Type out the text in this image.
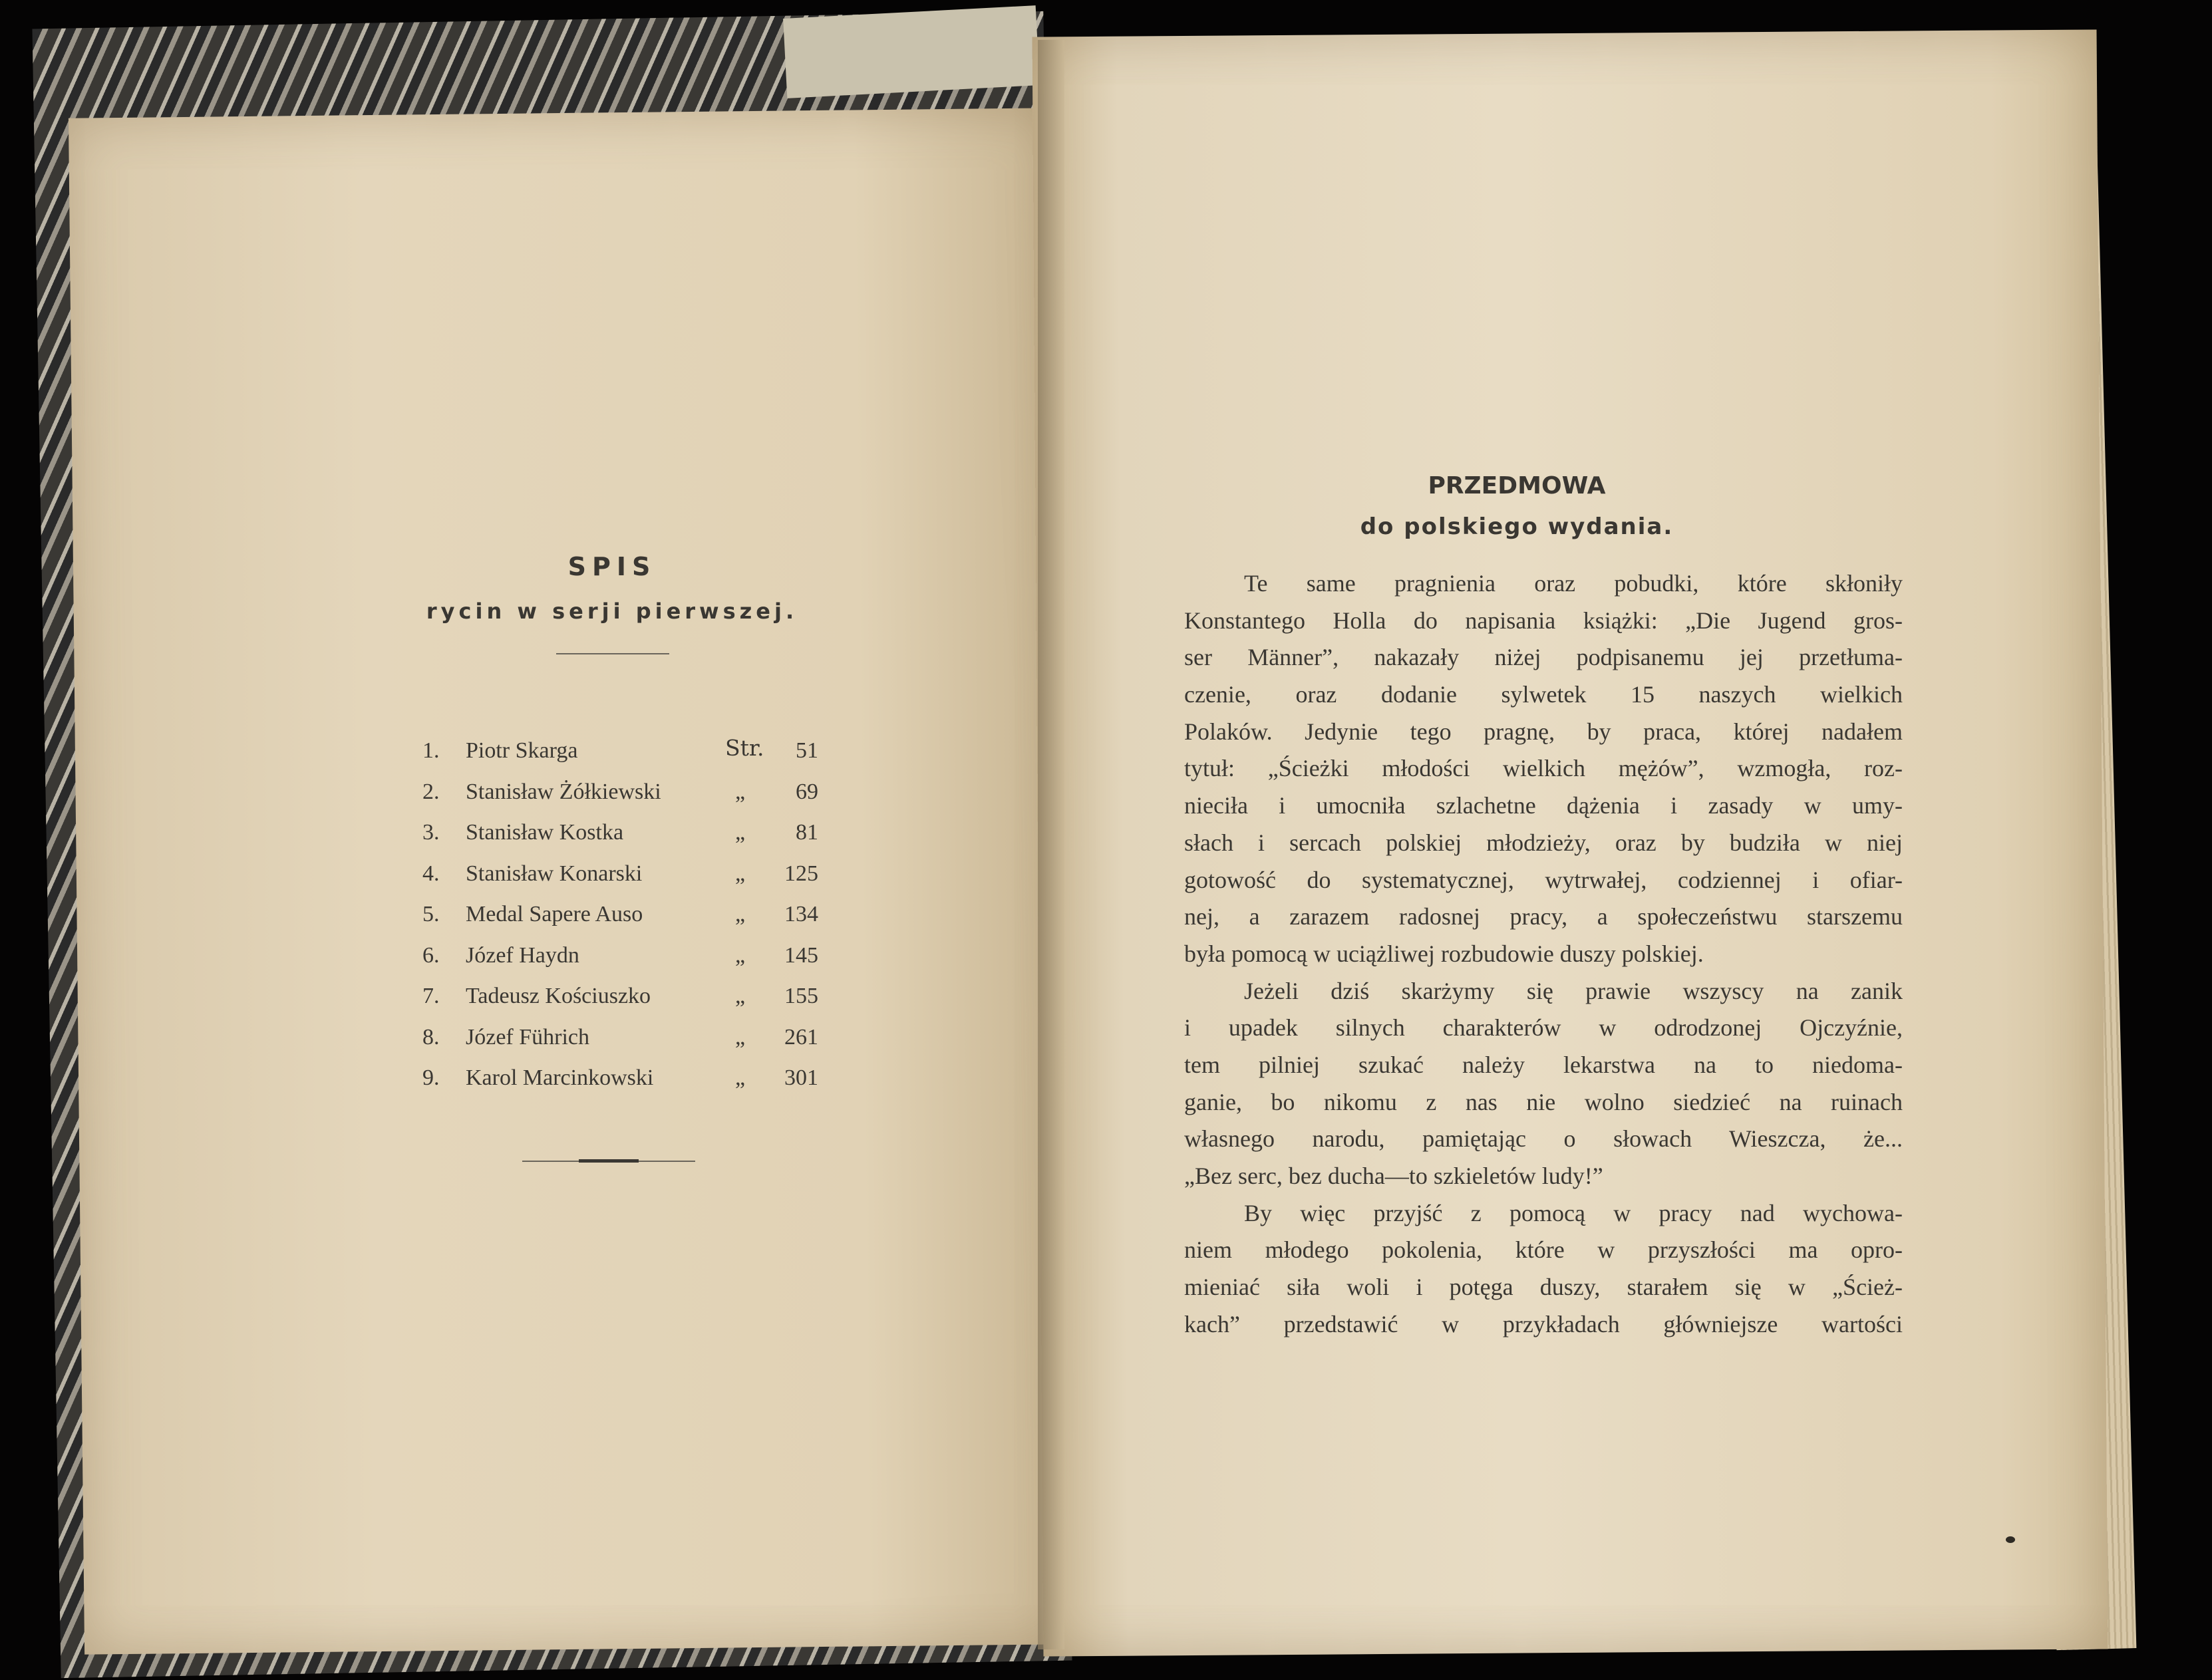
SPIS
rycin w serji pierwszej.
Str.
1.	Piotr Skarga	51
2.	Stanisław Żółkiewski	„ 69
3.	Stanisław Kostka	„ 81
4.	Stanisław Konarski	„ 125
5.	Medal Sapere Auso	„ 134
6.	Józef Haydn	„ 145
7.	Tadeusz Kościuszko	„ 155
8.	Józef Führich	„ 261
9.	Karol Marcinkowski	„ 301
PRZEDMOWA
do polskiego wydania.
Te same pragnienia oraz pobudki, które skłoniły
Konstantego Holla do napisania książki: „Die Jugend gros-
ser Männer”, nakazały niżej podpisanemu jej przetłuma-
czenie, oraz dodanie sylwetek 15 naszych wielkich
Polaków. Jedynie tego pragnę, by praca, której nadałem
tytuł: „Ścieżki młodości wielkich mężów”, wzmogła, roz-
nieciła i umocniła szlachetne dążenia i zasady w umy-
słach i sercach polskiej młodzieży, oraz by budziła w niej
gotowość do systematycznej, wytrwałej, codziennej i ofiar-
nej, a zarazem radosnej pracy, a społeczeństwu starszemu
była pomocą w uciążliwej rozbudowie duszy polskiej.
Jeżeli dziś skarżymy się prawie wszyscy na zanik
i upadek silnych charakterów w odrodzonej Ojczyźnie,
tem pilniej szukać należy lekarstwa na to niedoma-
ganie, bo nikomu z nas nie wolno siedzieć na ruinach
własnego narodu, pamiętając o słowach Wieszcza, że...
„Bez serc, bez ducha—to szkieletów ludy!”
By więc przyjść z pomocą w pracy nad wychowa-
niem młodego pokolenia, które w przyszłości ma opro-
mieniać siła woli i potęga duszy, starałem się w „Ścież-
kach” przedstawić w przykładach główniejsze wartości
